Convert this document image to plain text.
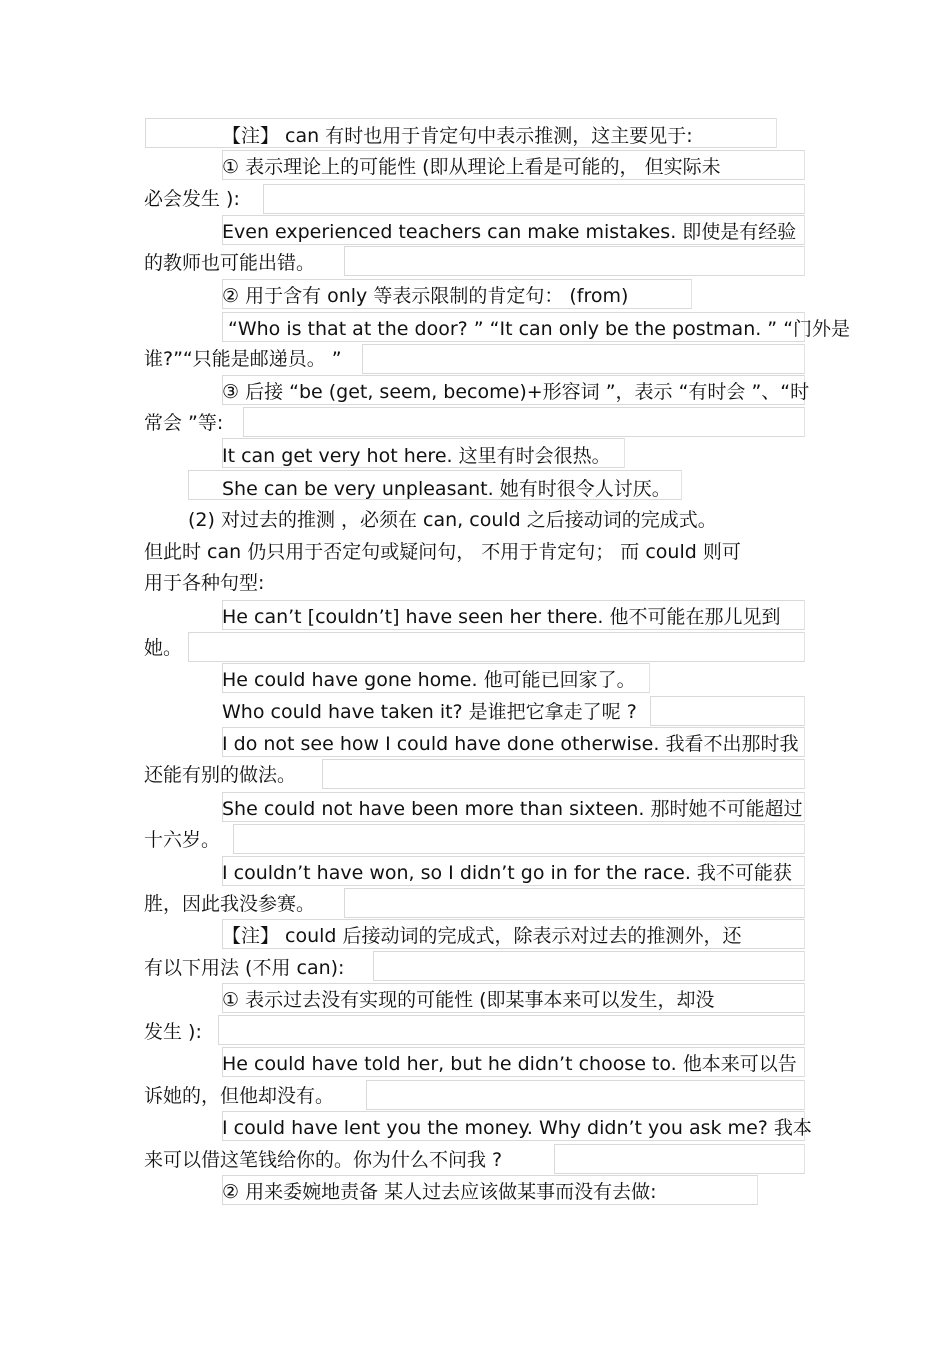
【注】 can 有时也用于肯定句中表示推测，这主要见于:
① 表示理论上的可能性 (即从理论上看是可能的， 但实际未
必会发生 ):
Even experienced teachers can make mistakes. 即使是有经验
的教师也可能出错。
② 用于含有 only 等表示限制的肯定句： (from)
“Who is that at the door? ” “It can only be the postman. ” “门外是
谁?”“只能是邮递员。 ”
③ 后接 “be (get, seem, become)+形容词 ”，表示 “有时会 ”、“时
常会 ”等:
It can get very hot here. 这里有时会很热。
She can be very unpleasant. 她有时很令人讨厌。
(2) 对过去的推测 ，必须在 can, could 之后接动词的完成式。
但此时 can 仍只用于否定句或疑问句， 不用于肯定句； 而 could 则可
用于各种句型:
He can’t [couldn’t] have seen her there. 他不可能在那儿见到
她。
He could have gone home. 他可能已回家了。
Who could have taken it? 是谁把它拿走了呢 ?
I do not see how I could have done otherwise. 我看不出那时我
还能有别的做法。
She could not have been more than sixteen. 那时她不可能超过
十六岁。
I couldn’t have won, so I didn’t go in for the race. 我不可能获
胜，因此我没参赛。
【注】 could 后接动词的完成式，除表示对过去的推测外，还
有以下用法 (不用 can):
① 表示过去没有实现的可能性 (即某事本来可以发生，却没
发生 ):
He could have told her, but he didn’t choose to. 他本来可以告
诉她的，但他却没有。
I could have lent you the money. Why didn’t you ask me? 我本
来可以借这笔钱给你的。你为什么不问我 ?
② 用来委婉地责备 某人过去应该做某事而没有去做:
